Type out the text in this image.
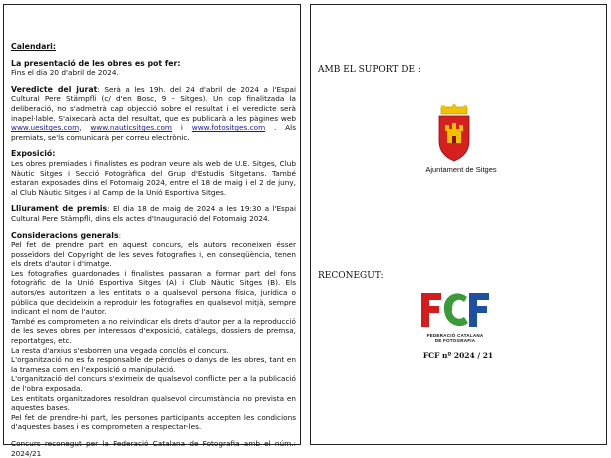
Calendari:

La presentació de les obres es pot fer:

Fins el dia 20 d'abril de 2024.

Veredicte del jurat: Serà a les 19h. del 24 d'abril de 2024 a l'Espai Cultural Pere Stämpfli (c/ d'en Bosc, 9 – Sitges). Un cop finalitzada la deliberació, no s'admetrà cap objecció sobre el resultat i el veredicte serà inapel·lable. S'aixecarà acta del resultat, que es publicarà a les pàgines web www.uesitges.com, www.nauticsitges.com i www.fotositges.com . Als premiats, se'ls comunicarà per correu electrònic.

Exposició:

Les obres premiades i finalistes es podran veure als web de U.E. Sitges, Club Nàutic Sitges i Secció Fotogràfica del Grup d'Estudis Sitgetans. També estaran exposades dins el Fotomaig 2024, entre el 18 de maig i el 2 de juny, al Club Nàutic Sitges i al Camp de la Unió Esportiva Sitges.

Lliurament de premis: El dia 18 de maig de 2024 a les 19:30 a l'Espai Cultural Pere Stämpfli, dins els actes d'Inauguració del Fotomaig 2024.

Consideracions generals:

Pel fet de prendre part en aquest concurs, els autors reconeixen ésser posseïdors del Copyright de les seves fotografies i, en conseqüència, tenen els drets d'autor i d'imatge.

Les fotografies guardonades i finalistes passaran a formar part del fons fotogràfic de la Unió Esportiva Sitges (A) i Club Nàutic Sitges (B). Els autors/es autoritzen a les entitats o a qualsevol persona física, jurídica o pública que decideixin a reproduir les fotografies en qualsevol mitjà, sempre indicant el nom de l'autor.

També es comprometen a no reivindicar els drets d'autor per a la reproducció de les seves obres per interessos d'exposició, catàlegs, dossiers de premsa, reportatges, etc.

La resta d'arxius s'esborren una vegada conclòs el concurs.

L'organització no es fa responsable de pèrdues o danys de les obres, tant en la tramesa com en l'exposició o manipulació.

L'organització del concurs s'eximeix de qualsevol conflicte per a la publicació de l'obra exposada.

Les entitats organitzadores resoldran qualsevol circumstància no prevista en aquestes bases.

Pel fet de prendre-hi part, les persones participants accepten les condicions d'aquestes bases i es comprometen a respectar-les.

Concurs reconegut per la Federació Catalana de Fotografia amb el núm.: 2024/21

AMB EL SUPORT DE :
Ajuntament de Sitges
RECONEGUT:
FEDERACIÓ CATALANA
DE FOTOGRAFIA
FCF nº 2024 / 21
